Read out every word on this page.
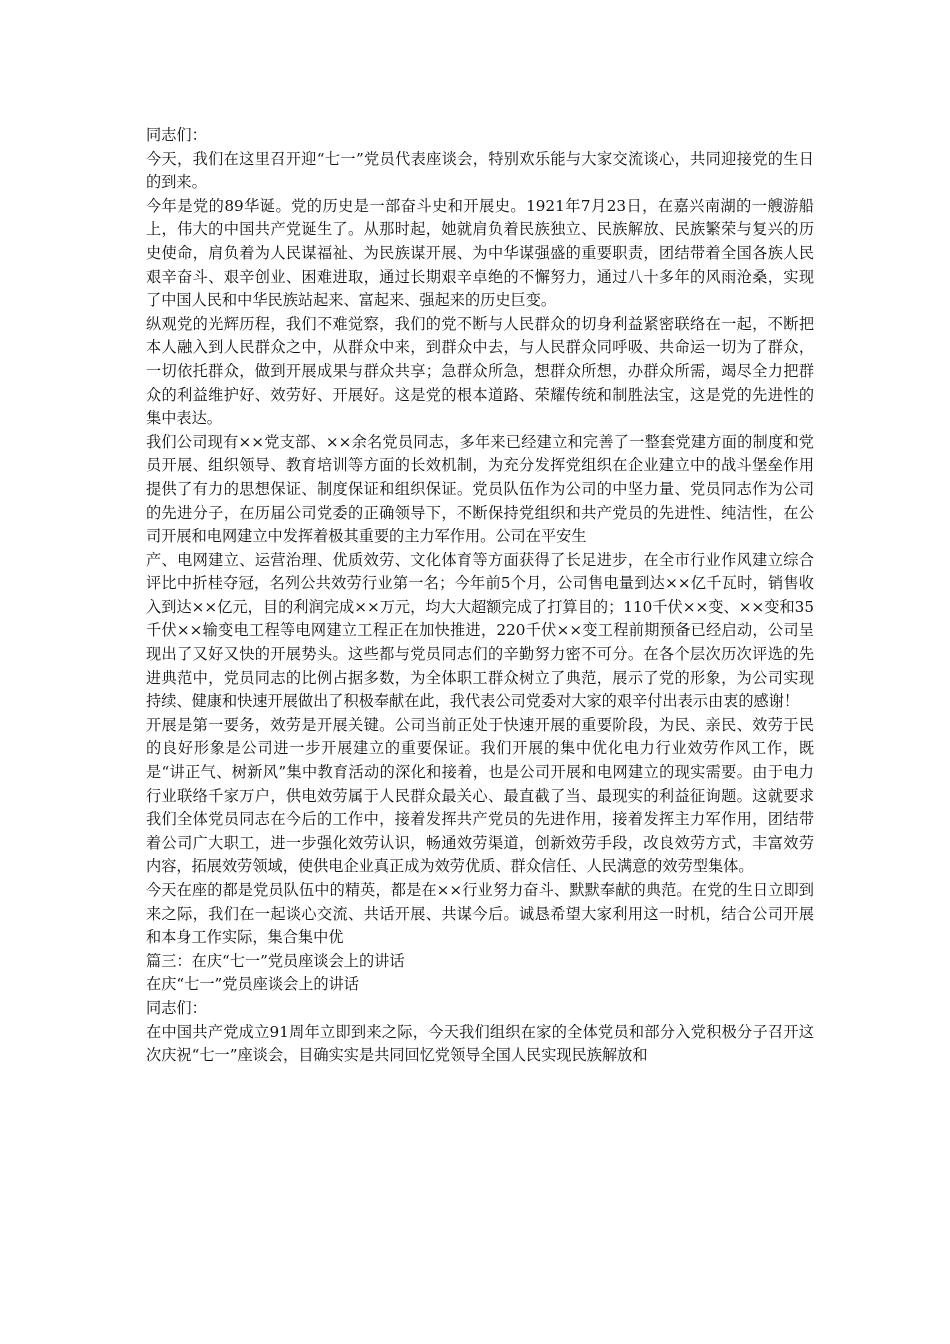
同志们：

今天，我们在这里召开迎“七一”党员代表座谈会，特别欢乐能与大家交流谈心，共同迎接党的生日的到来。

今年是党的89华诞。党的历史是一部奋斗史和开展史。1921年7月23日，在嘉兴南湖的一艘游船上，伟大的中国共产党诞生了。从那时起，她就肩负着民族独立、民族解放、民族繁荣与复兴的历史使命，肩负着为人民谋福祉、为民族谋开展、为中华谋强盛的重要职责，团结带着全国各族人民艰辛奋斗、艰辛创业、困难进取，通过长期艰辛卓绝的不懈努力，通过八十多年的风雨沧桑，实现了中国人民和中华民族站起来、富起来、强起来的历史巨变。

纵观党的光辉历程，我们不难觉察，我们的党不断与人民群众的切身利益紧密联络在一起，不断把本人融入到人民群众之中，从群众中来，到群众中去，与人民群众同呼吸、共命运一切为了群众，一切依托群众，做到开展成果与群众共享；急群众所急，想群众所想，办群众所需，竭尽全力把群众的利益维护好、效劳好、开展好。这是党的根本道路、荣耀传统和制胜法宝，这是党的先进性的集中表达。

我们公司现有××党支部、××余名党员同志，多年来已经建立和完善了一整套党建方面的制度和党员开展、组织领导、教育培训等方面的长效机制，为充分发挥党组织在企业建立中的战斗堡垒作用提供了有力的思想保证、制度保证和组织保证。党员队伍作为公司的中坚力量、党员同志作为公司的先进分子，在历届公司党委的正确领导下，不断保持党组织和共产党员的先进性、纯洁性，在公司开展和电网建立中发挥着极其重要的主力军作用。公司在平安生

产、电网建立、运营治理、优质效劳、文化体育等方面获得了长足进步，在全市行业作风建立综合评比中折桂夺冠，名列公共效劳行业第一名；今年前5个月，公司售电量到达××亿千瓦时，销售收入到达××亿元，目的利润完成××万元，均大大超额完成了打算目的；110千伏××变、××变和35千伏××输变电工程等电网建立工程正在加快推进，220千伏××变工程前期预备已经启动，公司呈现出了又好又快的开展势头。这些都与党员同志们的辛勤努力密不可分。在各个层次历次评选的先进典范中，党员同志的比例占据多数，为全体职工群众树立了典范，展示了党的形象，为公司实现持续、健康和快速开展做出了积极奉献在此，我代表公司党委对大家的艰辛付出表示由衷的感谢！

开展是第一要务，效劳是开展关键。公司当前正处于快速开展的重要阶段，为民、亲民、效劳于民的良好形象是公司进一步开展建立的重要保证。我们开展的集中优化电力行业效劳作风工作，既是“讲正气、树新风”集中教育活动的深化和接着，也是公司开展和电网建立的现实需要。由于电力行业联络千家万户，供电效劳属于人民群众最关心、最直截了当、最现实的利益征询题。这就要求我们全体党员同志在今后的工作中，接着发挥共产党员的先进作用，接着发挥主力军作用，团结带着公司广大职工，进一步强化效劳认识，畅通效劳渠道，创新效劳手段，改良效劳方式，丰富效劳内容，拓展效劳领域，使供电企业真正成为效劳优质、群众信任、人民满意的效劳型集体。

今天在座的都是党员队伍中的精英，都是在××行业努力奋斗、默默奉献的典范。在党的生日立即到来之际，我们在一起谈心交流、共话开展、共谋今后。诚恳希望大家利用这一时机，结合公司开展和本身工作实际，集合集中优

篇三：在庆“七一”党员座谈会上的讲话

在庆“七一”党员座谈会上的讲话

同志们：

在中国共产党成立91周年立即到来之际，今天我们组织在家的全体党员和部分入党积极分子召开这次庆祝“七一”座谈会，目确实实是共同回忆党领导全国人民实现民族解放和
